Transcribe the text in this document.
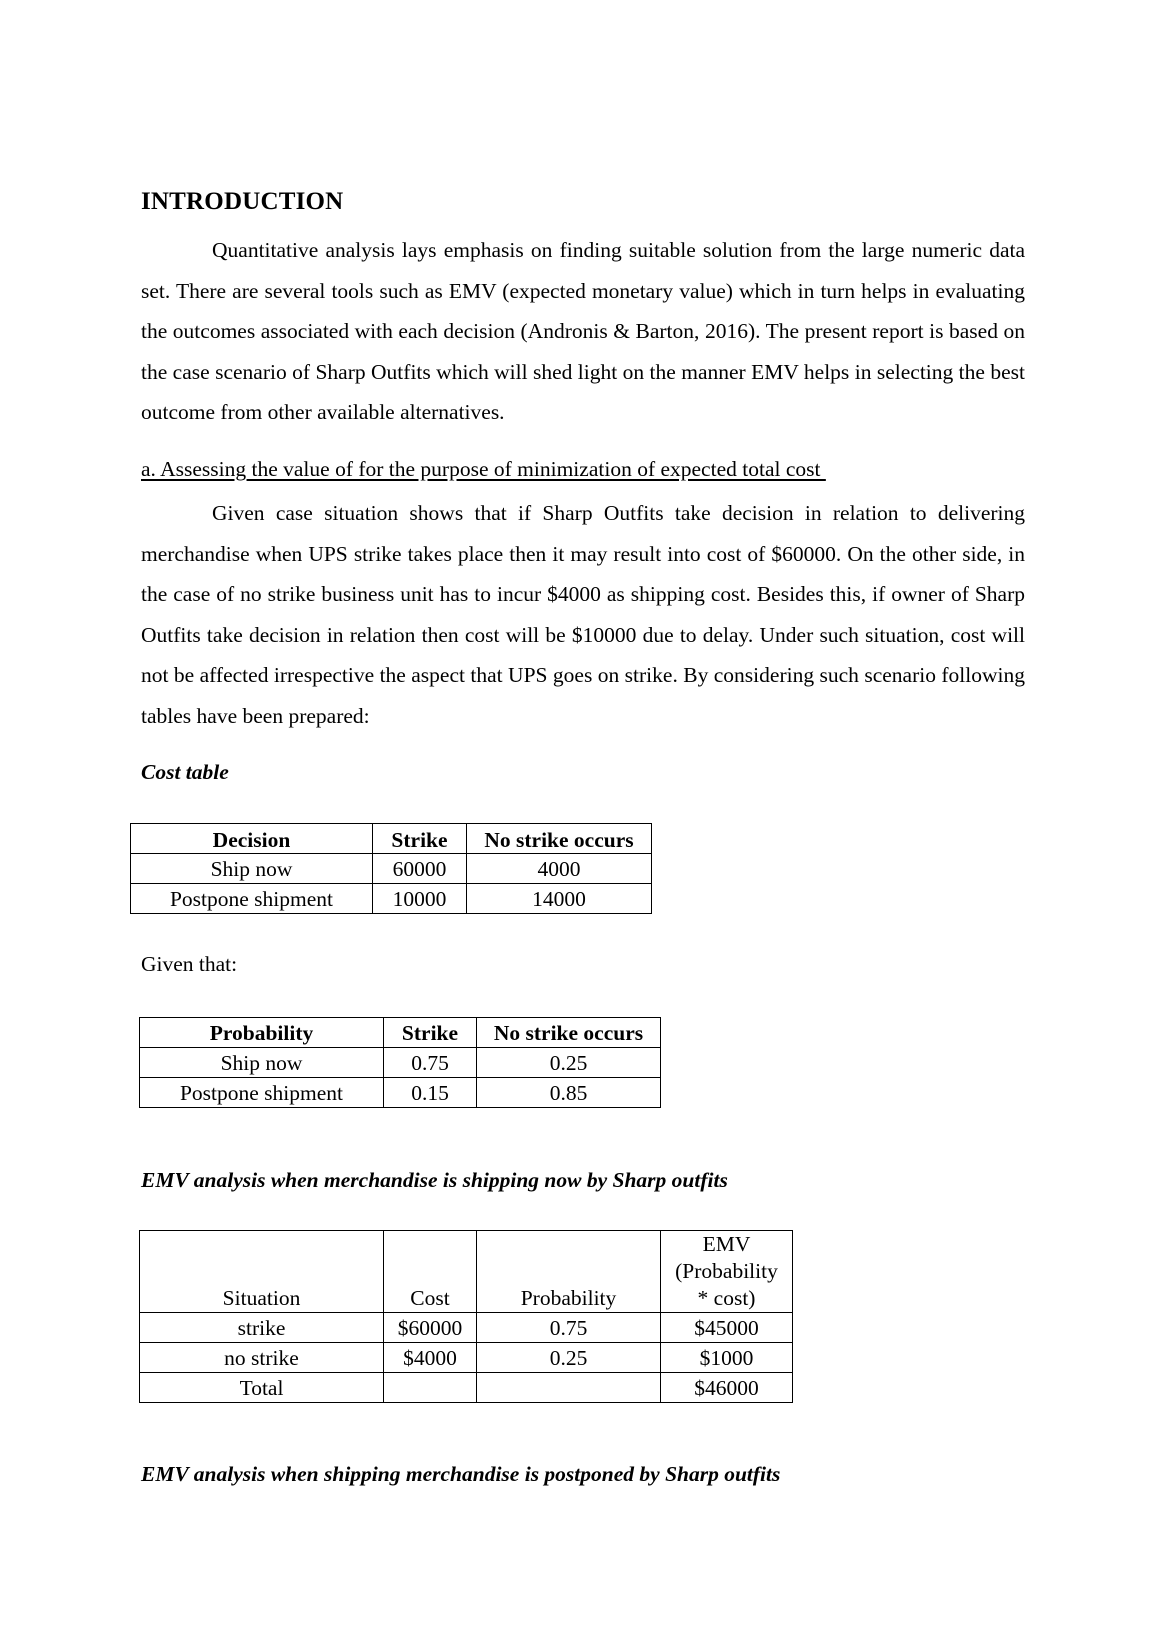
INTRODUCTION

Quantitative analysis lays emphasis on finding suitable solution from the large numeric data set. There are several tools such as EMV (expected monetary value) which in turn helps in evaluating the outcomes associated with each decision (Andronis & Barton, 2016). The present report is based on the case scenario of Sharp Outfits which will shed light on the manner EMV helps in selecting the best outcome from other available alternatives.

a. Assessing the value of for the purpose of minimization of expected total cost

Given case situation shows that if Sharp Outfits take decision in relation to delivering merchandise when UPS strike takes place then it may result into cost of $60000. On the other side, in the case of no strike business unit has to incur $4000 as shipping cost. Besides this, if owner of Sharp Outfits take decision in relation then cost will be $10000 due to delay. Under such situation, cost will not be affected irrespective the aspect that UPS goes on strike. By considering such scenario following tables have been prepared:

Cost table
Decision	Strike	No strike occurs
Ship now	60000	4000
Postpone shipment	10000	14000
Given that:
Probability	Strike	No strike occurs
Ship now	0.75	0.25
Postpone shipment	0.15	0.85
EMV analysis when merchandise is shipping now by Sharp outfits
Situation	Cost	Probability	EMV
(Probability
* cost)
strike	$60000	0.75	$45000
no strike	$4000	0.25	$1000
Total			$46000
EMV analysis when shipping merchandise is postponed by Sharp outfits
